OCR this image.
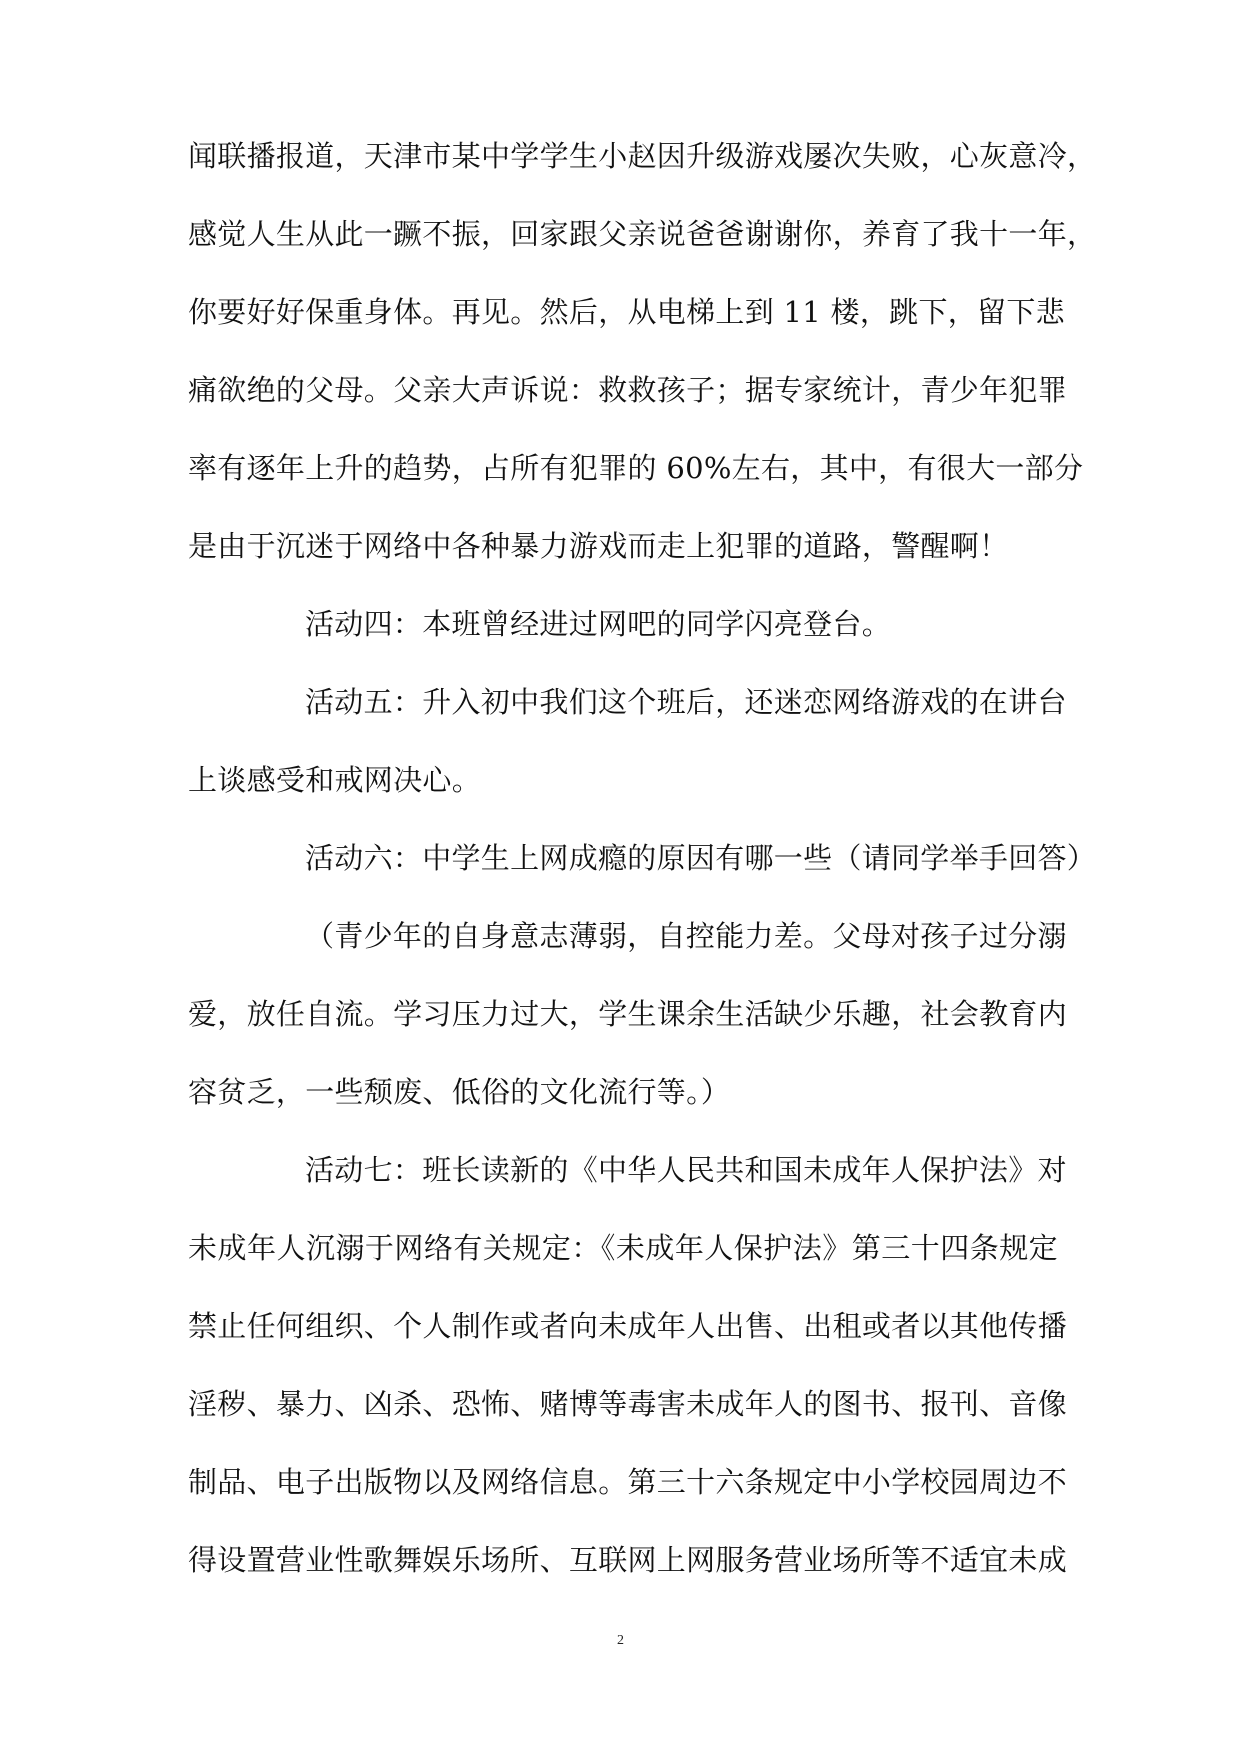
闻联播报道，天津市某中学学生小赵因升级游戏屡次失败，心灰意冷，
感觉人生从此一蹶不振，回家跟父亲说爸爸谢谢你，养育了我十一年，
你要好好保重身体。再见。然后，从电梯上到 11 楼，跳下，留下悲
痛欲绝的父母。父亲大声诉说：救救孩子；据专家统计，青少年犯罪
率有逐年上升的趋势，占所有犯罪的 60%左右，其中，有很大一部分
是由于沉迷于网络中各种暴力游戏而走上犯罪的道路，警醒啊！
活动四：本班曾经进过网吧的同学闪亮登台。
活动五：升入初中我们这个班后，还迷恋网络游戏的在讲台
上谈感受和戒网决心。
活动六：中学生上网成瘾的原因有哪一些（请同学举手回答）
（青少年的自身意志薄弱，自控能力差。父母对孩子过分溺
爱，放任自流。学习压力过大，学生课余生活缺少乐趣，社会教育内
容贫乏，一些颓废、低俗的文化流行等。）
活动七：班长读新的《中华人民共和国未成年人保护法》对
未成年人沉溺于网络有关规定：《未成年人保护法》第三十四条规定
禁止任何组织、个人制作或者向未成年人出售、出租或者以其他传播
淫秽、暴力、凶杀、恐怖、赌博等毒害未成年人的图书、报刊、音像
制品、电子出版物以及网络信息。第三十六条规定中小学校园周边不
得设置营业性歌舞娱乐场所、互联网上网服务营业场所等不适宜未成
2
